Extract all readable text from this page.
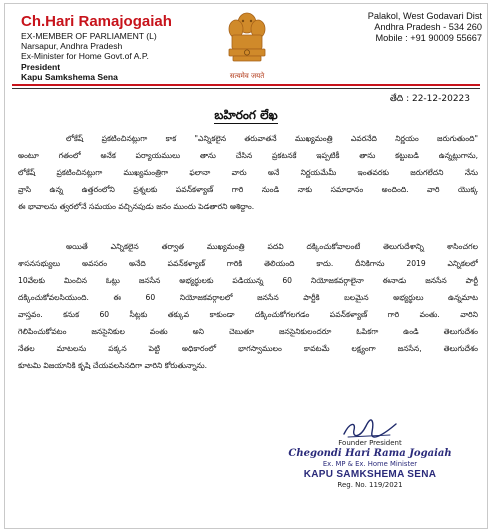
Ch.Hari Ramajogaiah
EX-MEMBER OF PARLIAMENT (L)
Narsapur, Andhra Pradesh
Ex-Minister for Home Govt.of A.P.
President
Kapu Samkshema Sena	सत्यमेव जयते
Palakol, West Godavari Dist
Andhra Pradesh - 534 260
Mobile : +91 90009 55667
తేది : 22-12-20223
బహిరంగ లేఖ
లోకేష్ ప్రకటించినట్లుగా కాక "ఎన్నికలైన తరువాతనే ముఖ్యమంత్రి ఎవరనేది నిర్ణయం జరుగుతుంది"
అంటూ గతంలో అనేక పర్యాయములు తాను చేసిన ప్రకటనకే ఇప్పటికీ తాను కట్టుబడి ఉన్నట్లుగాను,
లోకేష్ ప్రకటించినట్లుగా ముఖ్యమంత్రిగా ఫలానా వారు అనే నిర్ణయమేమీ ఇంతవరకు జరుగలేదని నేను
వ్రాసి ఉన్న ఉత్తరంలోని ప్రశ్నలకు పవన్‌కళ్యాణ్ గారి నుండి నాకు సమాధానం అందింది. వారి యొక్క
ఈ భావాలను త్వరలోనే సమయం వచ్చినపుడు జనం ముందు పెడతారని ఆశిద్దాం.
అయితే ఎన్నికలైన తర్వాత ముఖ్యమంత్రి పదవి దక్కించుకోవాలంటే తెలుగుదేశాన్ని శాసించగల
శాసనసభ్యులు అవసరం అనేది పవన్‌కళ్యాణ్ గారికి తెలియంది కాదు. దీనికిగాను 2019 ఎన్నికలలో
10వేలకు మించిన ఓట్లు జనసేన అభ్యర్థులకు పడియున్న 60 నియోజకవర్గాలైనా ఈనాడు జనసేన పార్టీ
దక్కించుకోవలసియుంది. ఈ 60 నియోజకవర్గాలలో జనసేన పార్టీకి బలమైన అభ్యర్థులు ఉన్నమాట
వాస్తవం. కనుక 60 సీట్లకు తక్కువ కాకుండా దక్కించుకోగలగడం పవన్‌కళ్యాణ్ గారి వంతు. వారిని
గెలిపించుకోవటం జనసైనికుల వంతు అని చెబుతూ జనసైనికులందరూ ఓపికగా ఉండి తెలుగుదేశం
నేతల మాటలను పక్కన పెట్టి అధికారంలో భాగస్వాములం కావటమే లక్ష్యంగా జనసేన, తెలుగుదేశం
కూటమి విజయానికి కృషి చేయవలసినదిగా వారిని కోరుతున్నాను.
Founder President
Chegondi Hari Rama Jogaiah
Ex. MP & Ex. Home Minister
KAPU SAMKSHEMA SENA
Reg. No. 119/2021
